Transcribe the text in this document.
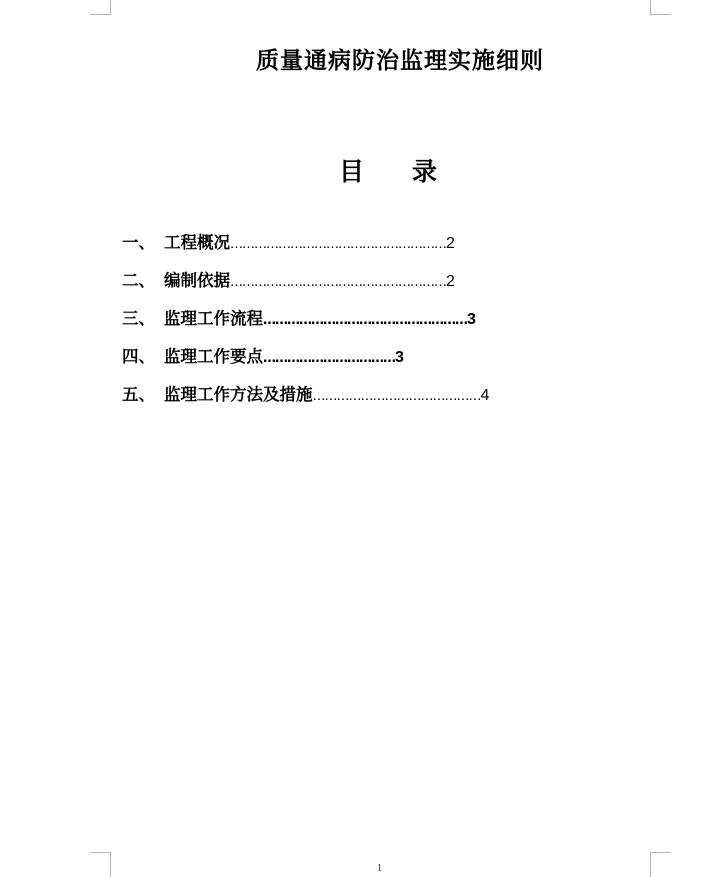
质量通病防治监理实施细则
目 录
一、 工程概况………………………………………………2
二、 编制依据………………………………………………2
三、 监理工作流程……………………………………………3
四、 监理工作要点……………………………3
五、 监理工作方法及措施……………………………………4
1
